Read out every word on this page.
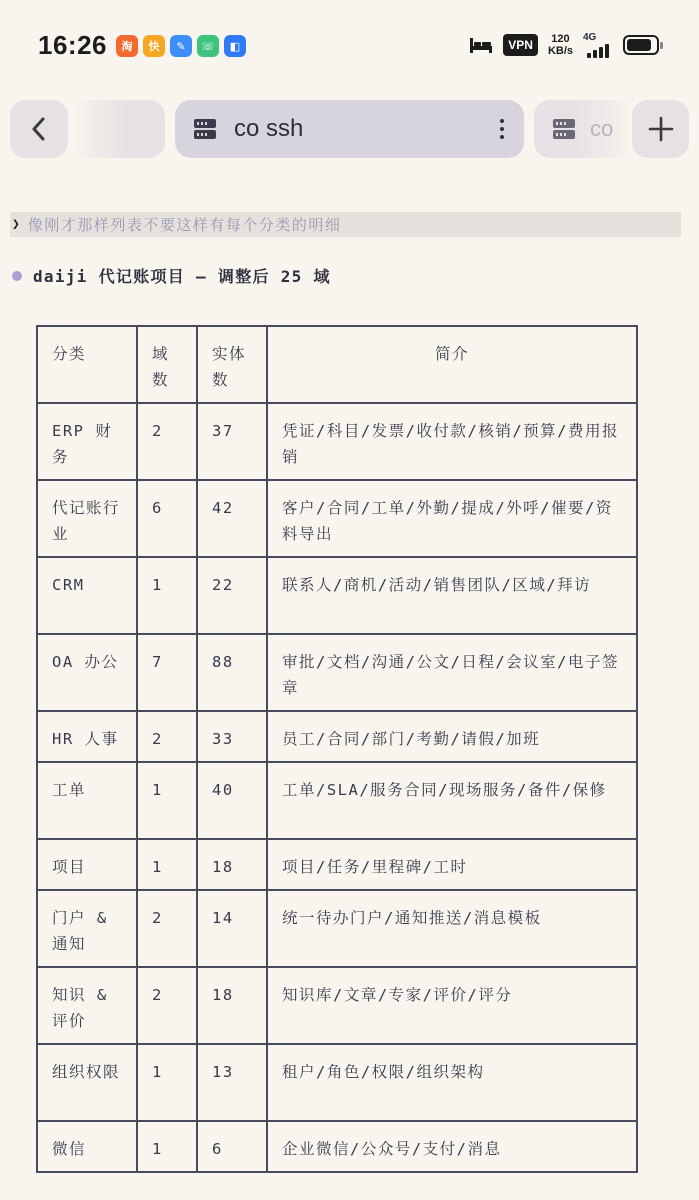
16:26	淘	快	✎	☏	◧	VPN	120
KB/s
4G
co ssh	co
❯ 像刚才那样列表不要这样有每个分类的明细
daiji 代记账项目 — 调整后 25 域
分类	域数	实体数	简介
ERP 财务	2	37	凭证/科目/发票/收付款/核销/预算/费用报销
代记账行业	6	42	客户/合同/工单/外勤/提成/外呼/催要/资料导出
CRM	1	22	联系人/商机/活动/销售团队/区域/拜访
OA 办公	7	88	审批/文档/沟通/公文/日程/会议室/电子签章
HR 人事	2	33	员工/合同/部门/考勤/请假/加班
工单	1	40	工单/SLA/服务合同/现场服务/备件/保修
项目	1	18	项目/任务/里程碑/工时
门户 & 通知	2	14	统一待办门户/通知推送/消息模板
知识 & 评价	2	18	知识库/文章/专家/评价/评分
组织权限	1	13	租户/角色/权限/组织架构
微信	1	6	企业微信/公众号/支付/消息
